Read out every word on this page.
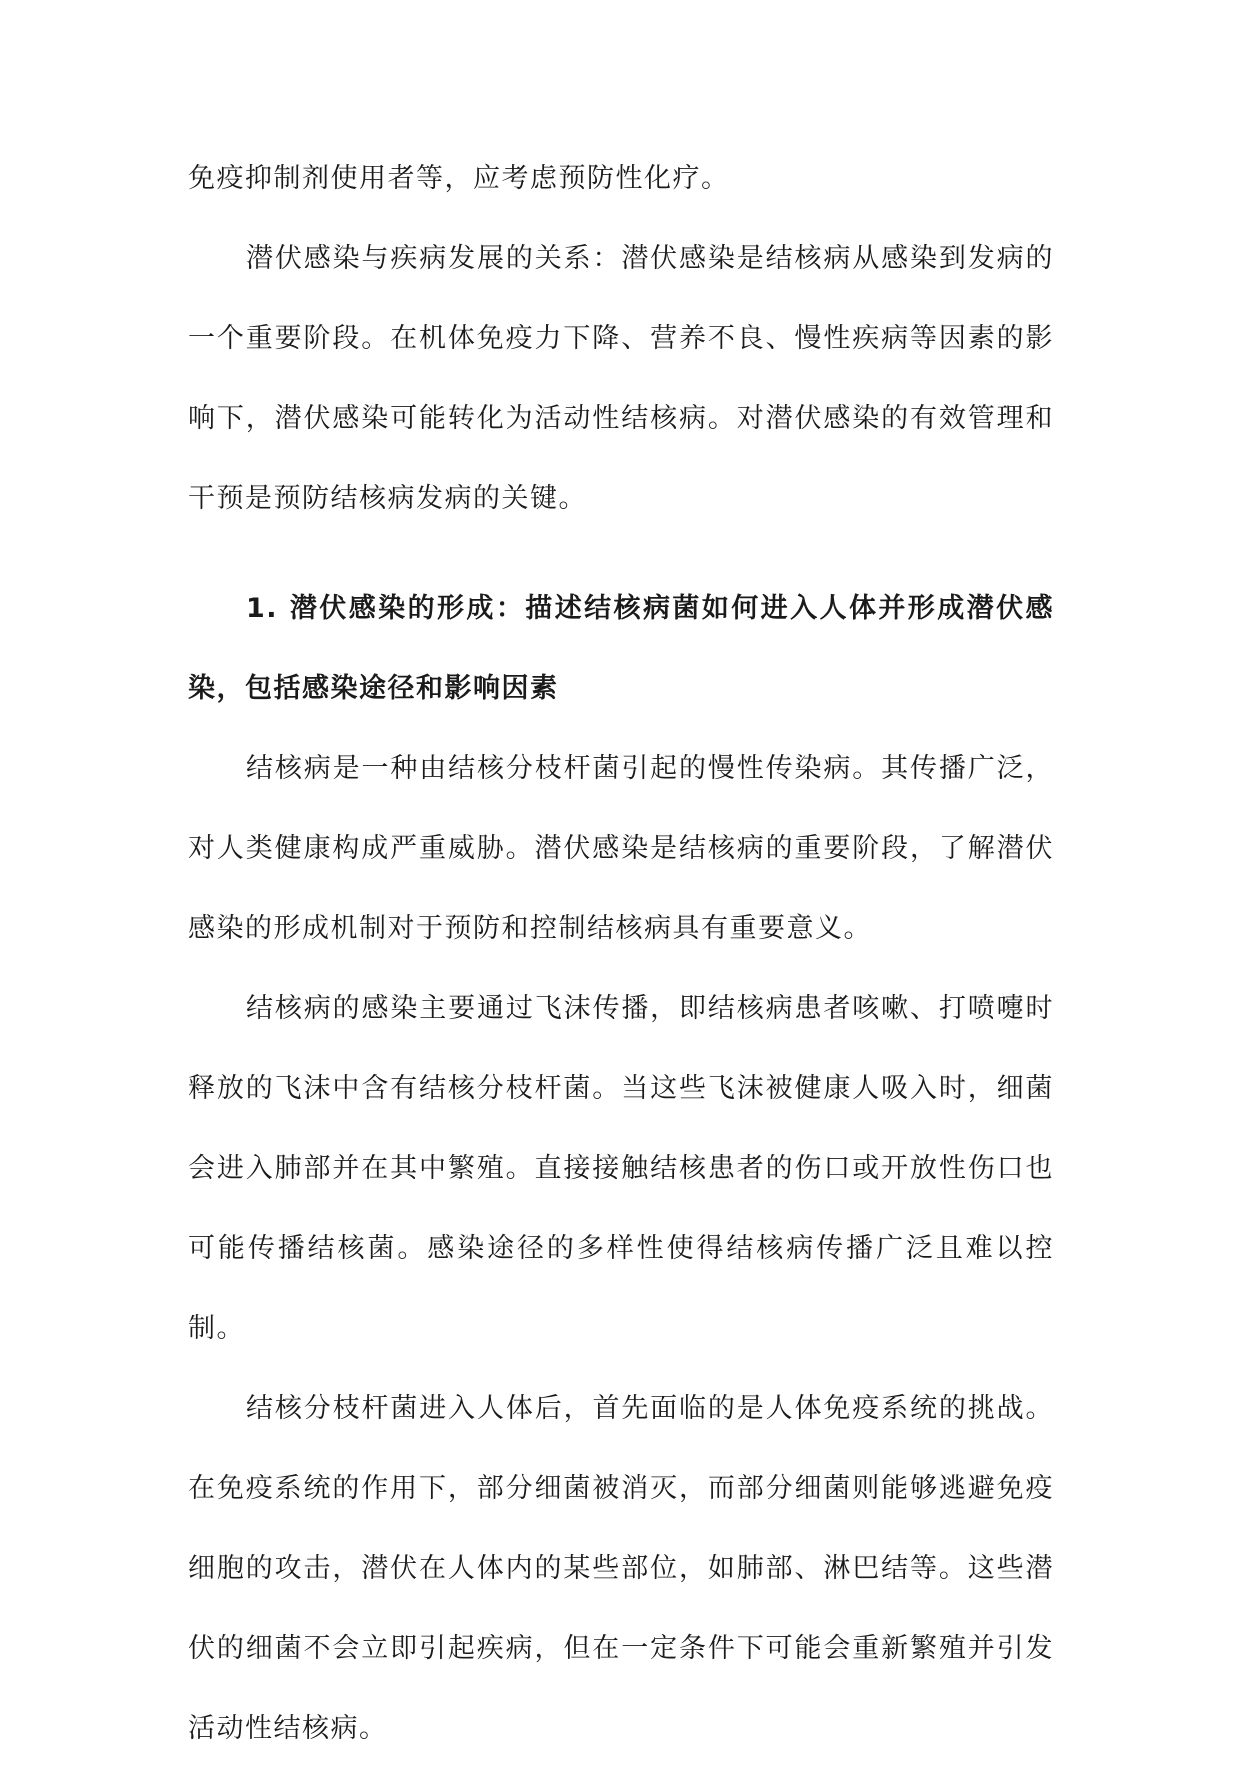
免疫抑制剂使用者等，应考虑预防性化疗。

潜伏感染与疾病发展的关系：潜伏感染是结核病从感染到发病的一个重要阶段。在机体免疫力下降、营养不良、慢性疾病等因素的影响下，潜伏感染可能转化为活动性结核病。对潜伏感染的有效管理和干预是预防结核病发病的关键。

1. 潜伏感染的形成：描述结核病菌如何进入人体并形成潜伏感染，包括感染途径和影响因素

结核病是一种由结核分枝杆菌引起的慢性传染病。其传播广泛，对人类健康构成严重威胁。潜伏感染是结核病的重要阶段，了解潜伏感染的形成机制对于预防和控制结核病具有重要意义。

结核病的感染主要通过飞沫传播，即结核病患者咳嗽、打喷嚏时释放的飞沫中含有结核分枝杆菌。当这些飞沫被健康人吸入时，细菌会进入肺部并在其中繁殖。直接接触结核患者的伤口或开放性伤口也可能传播结核菌。感染途径的多样性使得结核病传播广泛且难以控制。

结核分枝杆菌进入人体后，首先面临的是人体免疫系统的挑战。在免疫系统的作用下，部分细菌被消灭，而部分细菌则能够逃避免疫细胞的攻击，潜伏在人体内的某些部位，如肺部、淋巴结等。这些潜伏的细菌不会立即引起疾病，但在一定条件下可能会重新繁殖并引发活动性结核病。
